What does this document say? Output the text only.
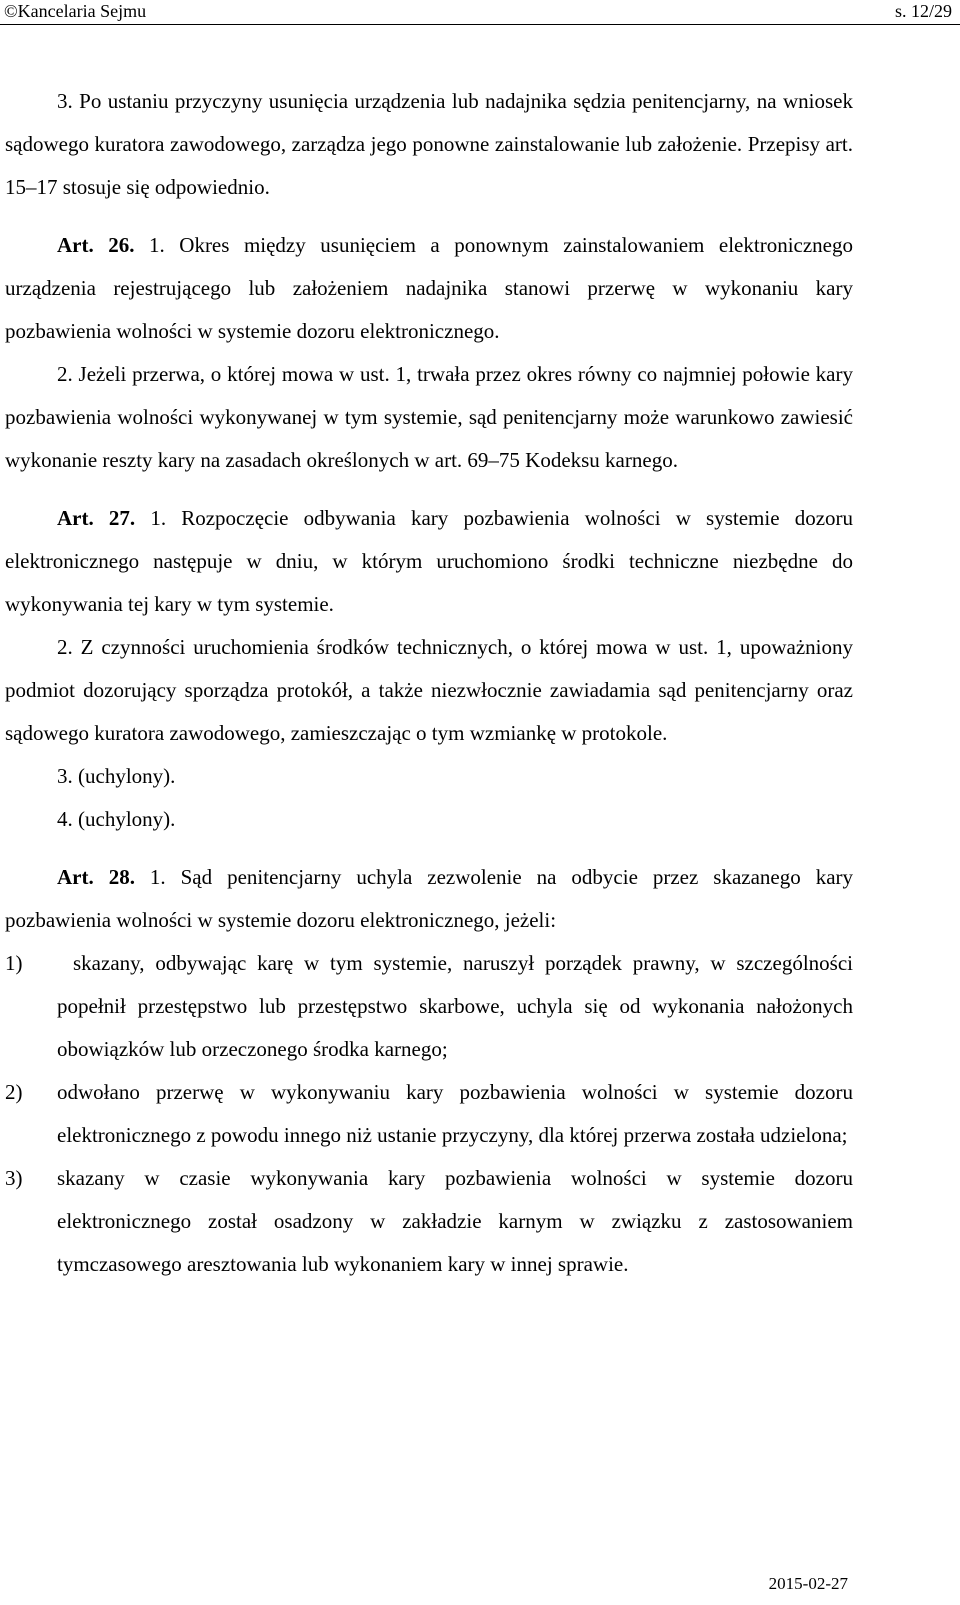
©Kancelaria Sejmu	s. 12/29

3. Po ustaniu przyczyny usunięcia urządzenia lub nadajnika sędzia penitencjarny, na wniosek sądowego kuratora zawodowego, zarządza jego ponowne zainstalowanie lub założenie. Przepisy art. 15–17 stosuje się odpowiednio.

Art. 26. 1. Okres między usunięciem a ponownym zainstalowaniem elektronicznego urządzenia rejestrującego lub założeniem nadajnika stanowi przerwę w wykonaniu kary pozbawienia wolności w systemie dozoru elektronicznego.

2. Jeżeli przerwa, o której mowa w ust. 1, trwała przez okres równy co najmniej połowie kary pozbawienia wolności wykonywanej w tym systemie, sąd penitencjarny może warunkowo zawiesić wykonanie reszty kary na zasadach określonych w art. 69–75 Kodeksu karnego.

Art. 27. 1. Rozpoczęcie odbywania kary pozbawienia wolności w systemie dozoru elektronicznego następuje w dniu, w którym uruchomiono środki techniczne niezbędne do wykonywania tej kary w tym systemie.

2. Z czynności uruchomienia środków technicznych, o której mowa w ust. 1, upoważniony podmiot dozorujący sporządza protokół, a także niezwłocznie zawiadamia sąd penitencjarny oraz sądowego kuratora zawodowego, zamieszczając o tym wzmiankę w protokole.

3. (uchylony).

4. (uchylony).

Art. 28. 1. Sąd penitencjarny uchyla zezwolenie na odbycie przez skazanego kary pozbawienia wolności w systemie dozoru elektronicznego, jeżeli:

1)	skazany, odbywając karę w tym systemie, naruszył porządek prawny, w szczególności popełnił przestępstwo lub przestępstwo skarbowe, uchyla się od wykonania nałożonych obowiązków lub orzeczonego środka karnego;
2)	odwołano przerwę w wykonywaniu kary pozbawienia wolności w systemie dozoru elektronicznego z powodu innego niż ustanie przyczyny, dla której przerwa została udzielona;
3)	skazany w czasie wykonywania kary pozbawienia wolności w systemie dozoru elektronicznego został osadzony w zakładzie karnym w związku z zastosowaniem tymczasowego aresztowania lub wykonaniem kary w innej sprawie.
2015-02-27
